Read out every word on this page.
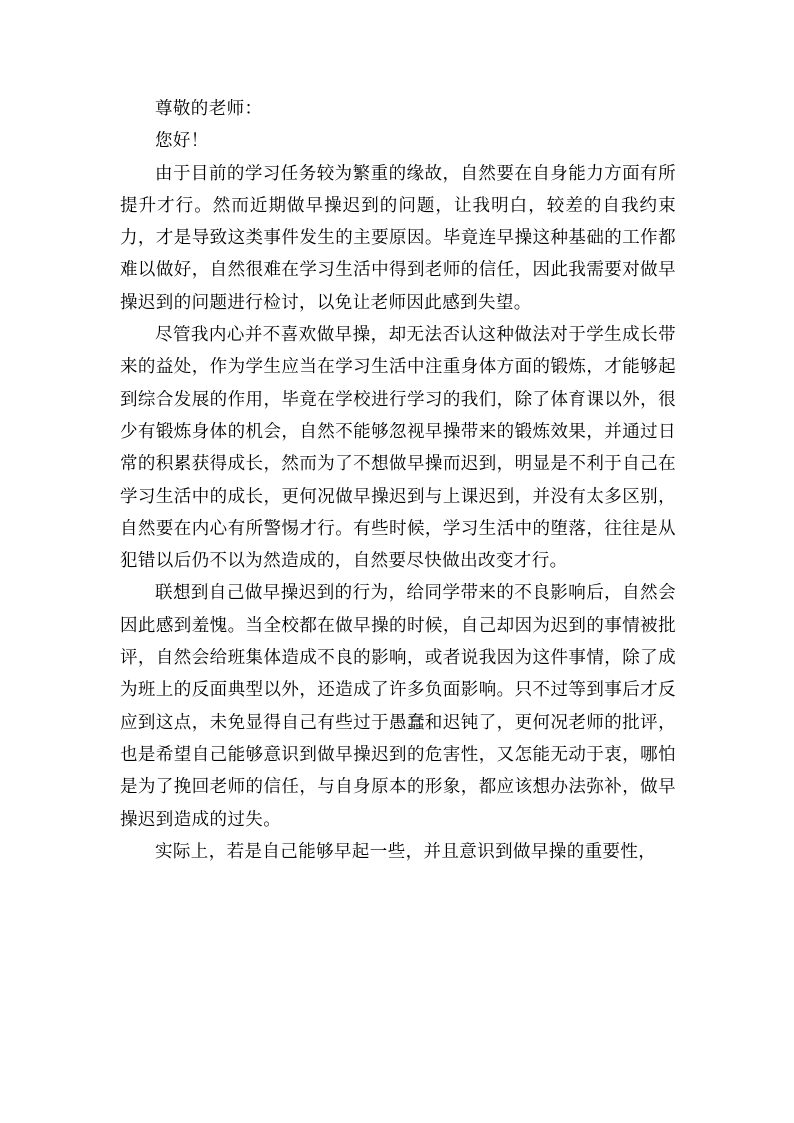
尊敬的老师：

您好！

由于目前的学习任务较为繁重的缘故，自然要在自身能力方面有所提升才行。然而近期做早操迟到的问题，让我明白，较差的自我约束力，才是导致这类事件发生的主要原因。毕竟连早操这种基础的工作都难以做好，自然很难在学习生活中得到老师的信任，因此我需要对做早操迟到的问题进行检讨，以免让老师因此感到失望。

尽管我内心并不喜欢做早操，却无法否认这种做法对于学生成长带来的益处，作为学生应当在学习生活中注重身体方面的锻炼，才能够起到综合发展的作用，毕竟在学校进行学习的我们，除了体育课以外，很少有锻炼身体的机会，自然不能够忽视早操带来的锻炼效果，并通过日常的积累获得成长，然而为了不想做早操而迟到，明显是不利于自己在学习生活中的成长，更何况做早操迟到与上课迟到，并没有太多区别，自然要在内心有所警惕才行。有些时候，学习生活中的堕落，往往是从犯错以后仍不以为然造成的，自然要尽快做出改变才行。

联想到自己做早操迟到的行为，给同学带来的不良影响后，自然会因此感到羞愧。当全校都在做早操的时候，自己却因为迟到的事情被批评，自然会给班集体造成不良的影响，或者说我因为这件事情，除了成为班上的反面典型以外，还造成了许多负面影响。只不过等到事后才反应到这点，未免显得自己有些过于愚蠢和迟钝了，更何况老师的批评，也是希望自己能够意识到做早操迟到的危害性，又怎能无动于衷，哪怕是为了挽回老师的信任，与自身原本的形象，都应该想办法弥补，做早操迟到造成的过失。

实际上，若是自己能够早起一些，并且意识到做早操的重要性，
